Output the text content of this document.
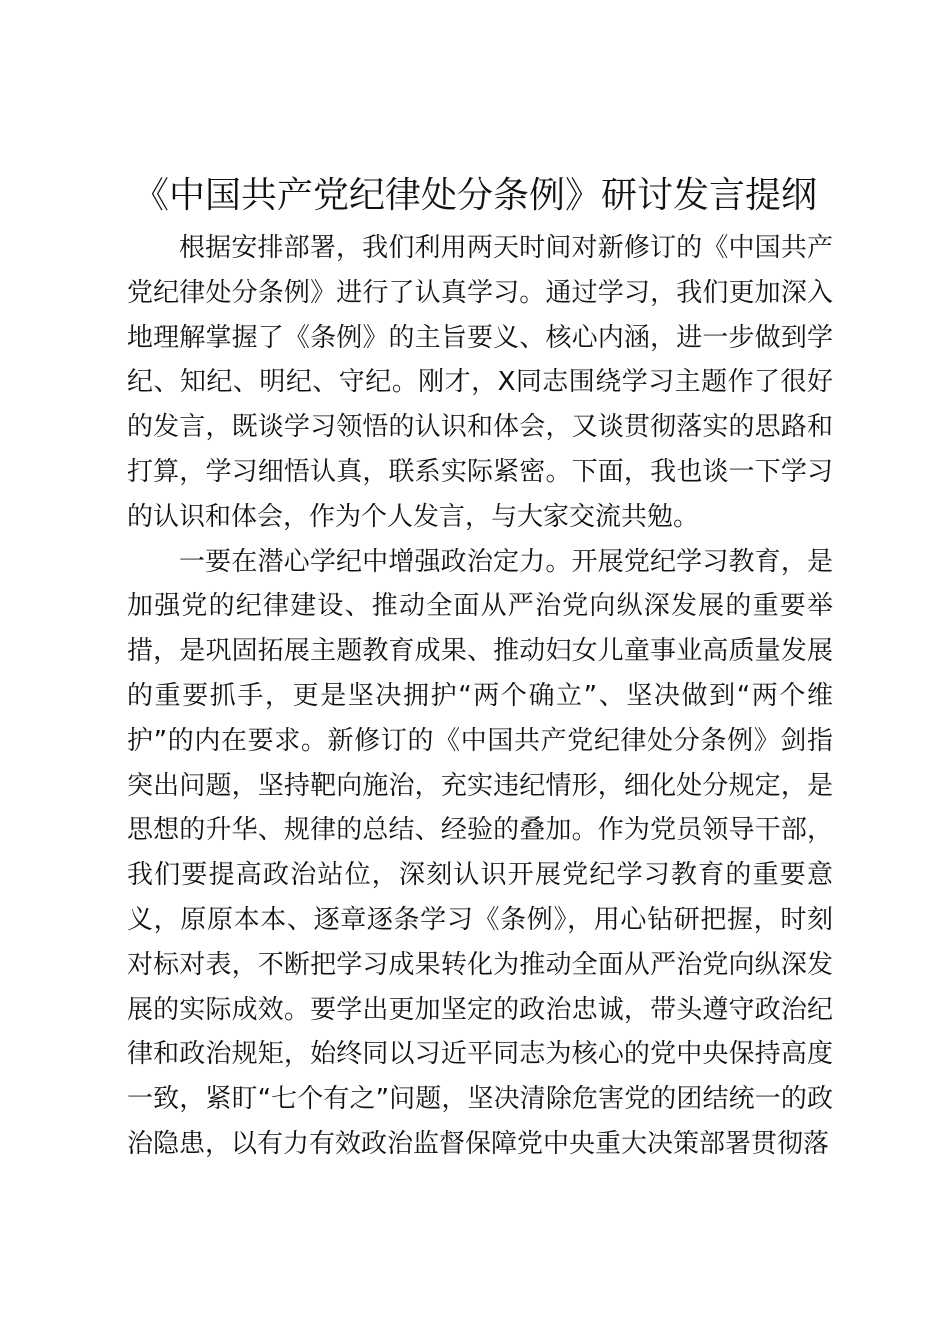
《中国共产党纪律处分条例》研讨发言提纲

根据安排部署，我们利用两天时间对新修订的《中国共产党纪律处分条例》进行了认真学习。通过学习，我们更加深入地理解掌握了《条例》的主旨要义、核心内涵，进一步做到学纪、知纪、明纪、守纪。刚才，X同志围绕学习主题作了很好的发言，既谈学习领悟的认识和体会，又谈贯彻落实的思路和打算，学习细悟认真，联系实际紧密。下面，我也谈一下学习的认识和体会，作为个人发言，与大家交流共勉。

一要在潜心学纪中增强政治定力。开展党纪学习教育，是加强党的纪律建设、推动全面从严治党向纵深发展的重要举措，是巩固拓展主题教育成果、推动妇女儿童事业高质量发展的重要抓手，更是坚决拥护“两个确立”、坚决做到“两个维护”的内在要求。新修订的《中国共产党纪律处分条例》剑指突出问题，坚持靶向施治，充实违纪情形，细化处分规定，是思想的升华、规律的总结、经验的叠加。作为党员领导干部，我们要提高政治站位，深刻认识开展党纪学习教育的重要意义，原原本本、逐章逐条学习《条例》，用心钻研把握，时刻对标对表，不断把学习成果转化为推动全面从严治党向纵深发展的实际成效。要学出更加坚定的政治忠诚，带头遵守政治纪律和政治规矩，始终同以习近平同志为核心的党中央保持高度一致，紧盯“七个有之”问题，坚决清除危害党的团结统一的政治隐患，以有力有效政治监督保障党中央重大决策部署贯彻落
